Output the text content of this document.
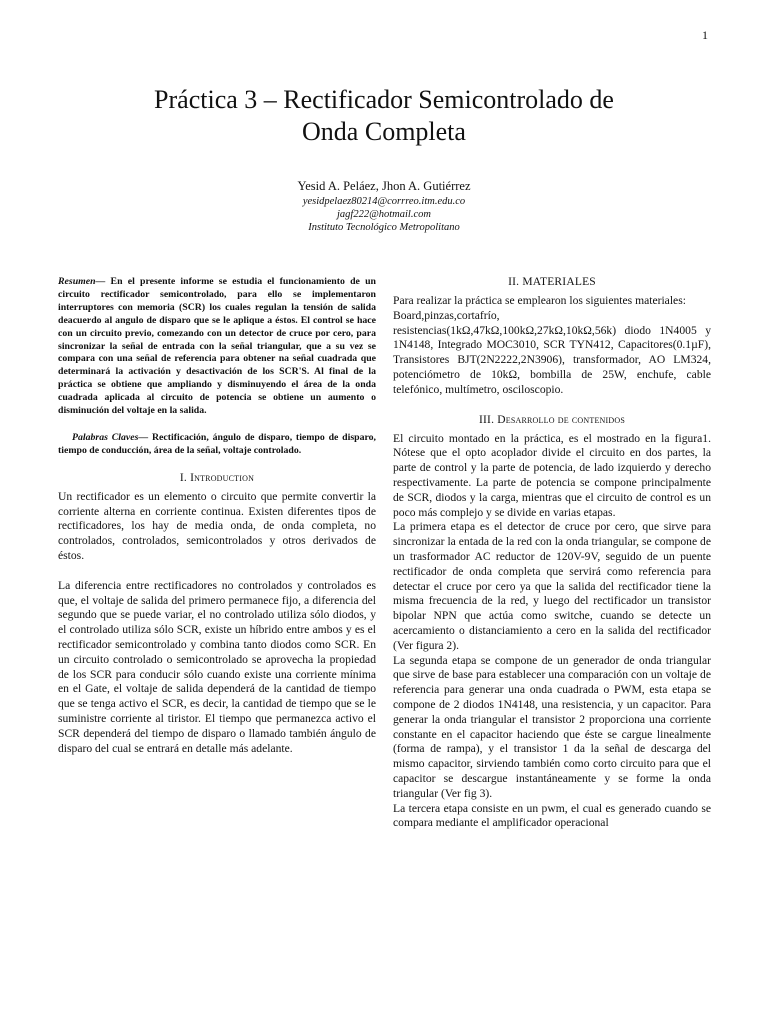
1
Práctica 3 – Rectificador Semicontrolado de
Onda Completa
Yesid A. Peláez, Jhon A. Gutiérrez
yesidpelaez80214@corrreo.itm.edu.co
jagf222@hotmail.com
Instituto Tecnológico Metropolitano

Resumen— En el presente informe se estudia el funcionamiento de un circuito rectificador semicontrolado, para ello se implementaron interruptores con memoria (SCR) los cuales regulan la tensión de salida deacuerdo al angulo de disparo que se le aplique a éstos. El control se hace con un circuito previo, comezando con un detector de cruce por cero, para sincronizar la señal de entrada con la señal triangular, que a su vez se compara con una señal de referencia para obtener na señal cuadrada que determinará la activación y desactivación de los SCR'S. Al final de la práctica se obtiene que ampliando y disminuyendo el área de la onda cuadrada aplicada al circuito de potencia se obtiene un aumento o disminución del voltaje en la salida.

Palabras Claves— Rectificación, ángulo de disparo, tiempo de disparo, tiempo de conducción, área de la señal, voltaje controlado.

I. Introduction

Un rectificador es un elemento o circuito que permite convertir la corriente alterna en corriente continua. Existen diferentes tipos de rectificadores, los hay de media onda, de onda completa, no controlados, controlados, semicontrolados y otros derivados de éstos.

La diferencia entre rectificadores no controlados y controlados es que, el voltaje de salida del primero permanece fijo, a diferencia del segundo que se puede variar, el no controlado utiliza sólo diodos, y el controlado utiliza sólo SCR, existe un híbrido entre ambos y es el rectificador semicontrolado y combina tanto diodos como SCR. En un circuito controlado o semicontrolado se aprovecha la propiedad de los SCR para conducir sólo cuando existe una corriente mínima en el Gate, el voltaje de salida dependerá de la cantidad de tiempo que se tenga activo el SCR, es decir, la cantidad de tiempo que se le suministre corriente al tiristor. El tiempo que permanezca activo el SCR dependerá del tiempo de disparo o llamado también ángulo de disparo del cual se entrará en detalle más adelante.

II. MATERIALES

Para realizar la práctica se emplearon los siguientes materiales:

Board,pinzas,cortafrío, resistencias(1kΩ,47kΩ,100kΩ,27kΩ,10kΩ,56k) diodo 1N4005 y 1N4148, Integrado MOC3010, SCR TYN412, Capacitores(0.1µF), Transistores BJT(2N2222,2N3906), transformador, AO LM324, potenciómetro de 10kΩ, bombilla de 25W, enchufe, cable telefónico, multímetro, osciloscopio.

III. Desarrollo de contenidos

El circuito montado en la práctica, es el mostrado en la figura1. Nótese que el opto acoplador divide el circuito en dos partes, la parte de control y la parte de potencia, de lado izquierdo y derecho respectivamente. La parte de potencia se compone principalmente de SCR, diodos y la carga, mientras que el circuito de control es un poco más complejo y se divide en varias etapas.

La primera etapa es el detector de cruce por cero, que sirve para sincronizar la entada de la red con la onda triangular, se compone de un trasformador AC reductor de 120V-9V, seguido de un puente rectificador de onda completa que servirá como referencia para detectar el cruce por cero ya que la salida del rectificador tiene la misma frecuencia de la red, y luego del rectificador un transistor bipolar NPN que actúa como switche, cuando se detecte un acercamiento o distanciamiento a cero en la salida del rectificador (Ver figura 2).

La segunda etapa se compone de un generador de onda triangular que sirve de base para establecer una comparación con un voltaje de referencia para generar una onda cuadrada o PWM, esta etapa se compone de 2 diodos 1N4148, una resistencia, y un capacitor. Para generar la onda triangular el transistor 2 proporciona una corriente constante en el capacitor haciendo que éste se cargue linealmente (forma de rampa), y el transistor 1 da la señal de descarga del mismo capacitor, sirviendo también como corto circuito para que el capacitor se descargue instantáneamente y se forme la onda triangular (Ver fig 3).

La tercera etapa consiste en un pwm, el cual es generado cuando se compara mediante el amplificador operacional
